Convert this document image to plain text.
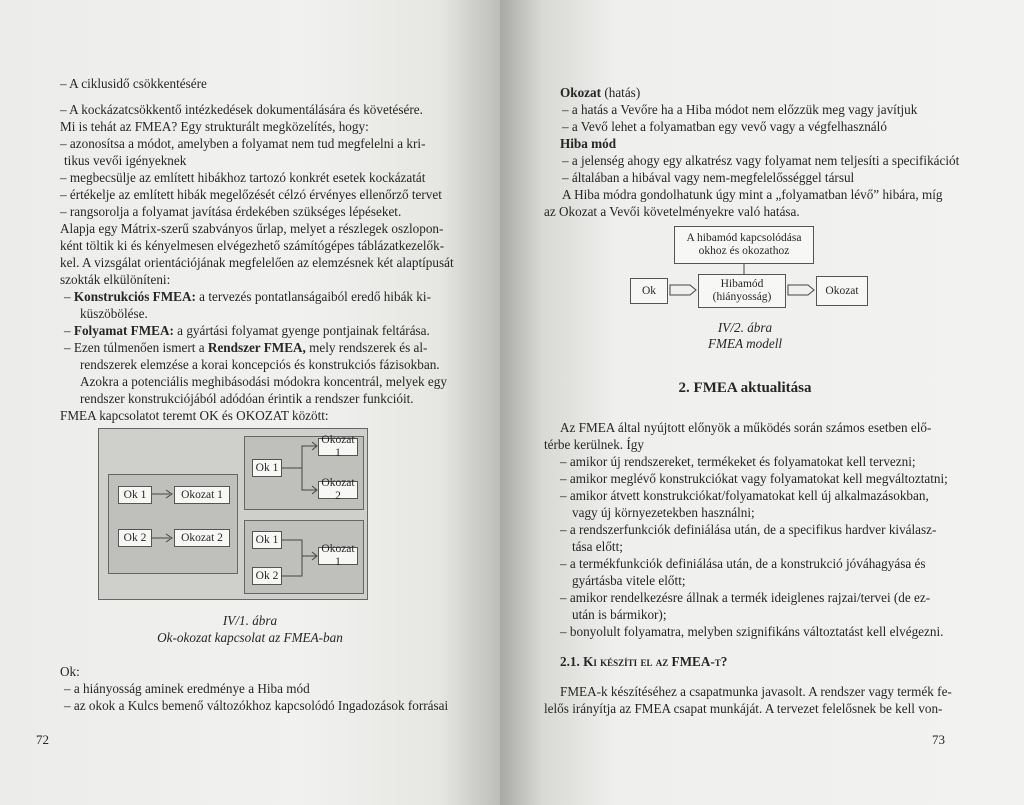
– A ciklusidő csökkentésére
– A kockázatcsökkentő intézkedések dokumentálására és követésére.
Mi is tehát az FMEA? Egy strukturált megközelítés, hogy:
– azonosítsa a módot, amelyben a folyamat nem tud megfelelni a kri-
tikus vevői igényeknek
– megbecsülje az említett hibákhoz tartozó konkrét esetek kockázatát
– értékelje az említett hibák megelőzését célzó érvényes ellenőrző tervet
– rangsorolja a folyamat javítása érdekében szükséges lépéseket.
Alapja egy Mátrix-szerű szabványos űrlap, melyet a részlegek oszlopon-
ként töltik ki és kényelmesen elvégezhető számítógépes táblázatkezelők-
kel. A vizsgálat orientációjának megfelelően az elemzésnek két alaptípusát
szokták elkülöníteni:
– Konstrukciós FMEA: a tervezés pontatlanságaiból eredő hibák ki-
küszöbölése.
– Folyamat FMEA: a gyártási folyamat gyenge pontjainak feltárása.
– Ezen túlmenően ismert a Rendszer FMEA, mely rendszerek és al-
rendszerek elemzése a korai koncepciós és konstrukciós fázisokban.
Azokra a potenciális meghibásodási módokra koncentrál, melyek egy
rendszer konstrukciójából adódóan érintik a rendszer funkcióit.
FMEA kapcsolatot teremt OK és OKOZAT között:
Ok 1	Okozat 1
Ok 2	Okozat 2
Ok 1
Okozat 1
Okozat 2
Ok 1
Ok 2
Okozat 1
IV/1. ábra
Ok-okozat kapcsolat az FMEA-ban
Ok:
– a hiányosság aminek eredménye a Hiba mód
– az okok a Kulcs bemenő változókhoz kapcsolódó Ingadozások forrásai
72
Okozat (hatás)
– a hatás a Vevőre ha a Hiba módot nem előzzük meg vagy javítjuk
– a Vevő lehet a folyamatban egy vevő vagy a végfelhasználó
Hiba mód
– a jelenség ahogy egy alkatrész vagy folyamat nem teljesíti a specifikációt
– általában a hibával vagy nem-megfelelősséggel társul
A Hiba módra gondolhatunk úgy mint a „folyamatban lévő” hibára, míg
az Okozat a Vevői követelményekre való hatása.
A hibamód kapcsolódása
okhoz és okozathoz
Ok
Hibamód
(hiányosság)
Okozat
IV/2. ábra
FMEA modell
2. FMEA aktualitása
Az FMEA által nyújtott előnyök a működés során számos esetben elő-
térbe kerülnek. Így
– amikor új rendszereket, termékeket és folyamatokat kell tervezni;
– amikor meglévő konstrukciókat vagy folyamatokat kell megváltoztatni;
– amikor átvett konstrukciókat/folyamatokat kell új alkalmazásokban,
vagy új környezetekben használni;
– a rendszerfunkciók definiálása után, de a specifikus hardver kiválasz-
tása előtt;
– a termékfunkciók definiálása után, de a konstrukció jóváhagyása és
gyártásba vitele előtt;
– amikor rendelkezésre állnak a termék ideiglenes rajzai/tervei (de ez-
után is bármikor);
– bonyolult folyamatra, melyben szignifikáns változtatást kell elvégezni.
2.1. Ki készíti el az FMEA-t?
FMEA-k készítéséhez a csapatmunka javasolt. A rendszer vagy termék fe-
lelős irányítja az FMEA csapat munkáját. A tervezet felelősnek be kell von-
73
